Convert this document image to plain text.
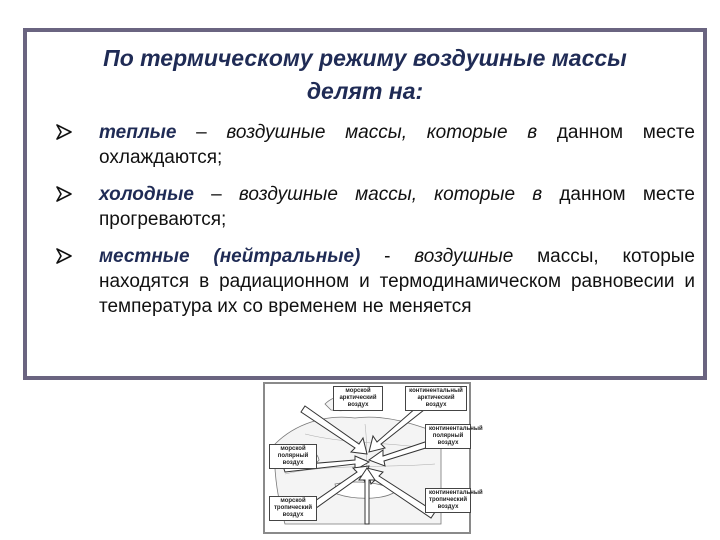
По термическому режиму воздушные массы
делят на:
теплые – воздушные массы, которые в данном месте охлаждаются;
холодные – воздушные массы, которые в данном месте прогреваются;
местные (нейтральные) - воздушные массы, которые находятся в радиационном и термодинамическом равновесии и температура их со временем не меняется
морской арктический воздух
континентальный арктический воздух
морской полярный воздух
континентальный полярный воздух
морской тропический воздух
континентальный тропический воздух
